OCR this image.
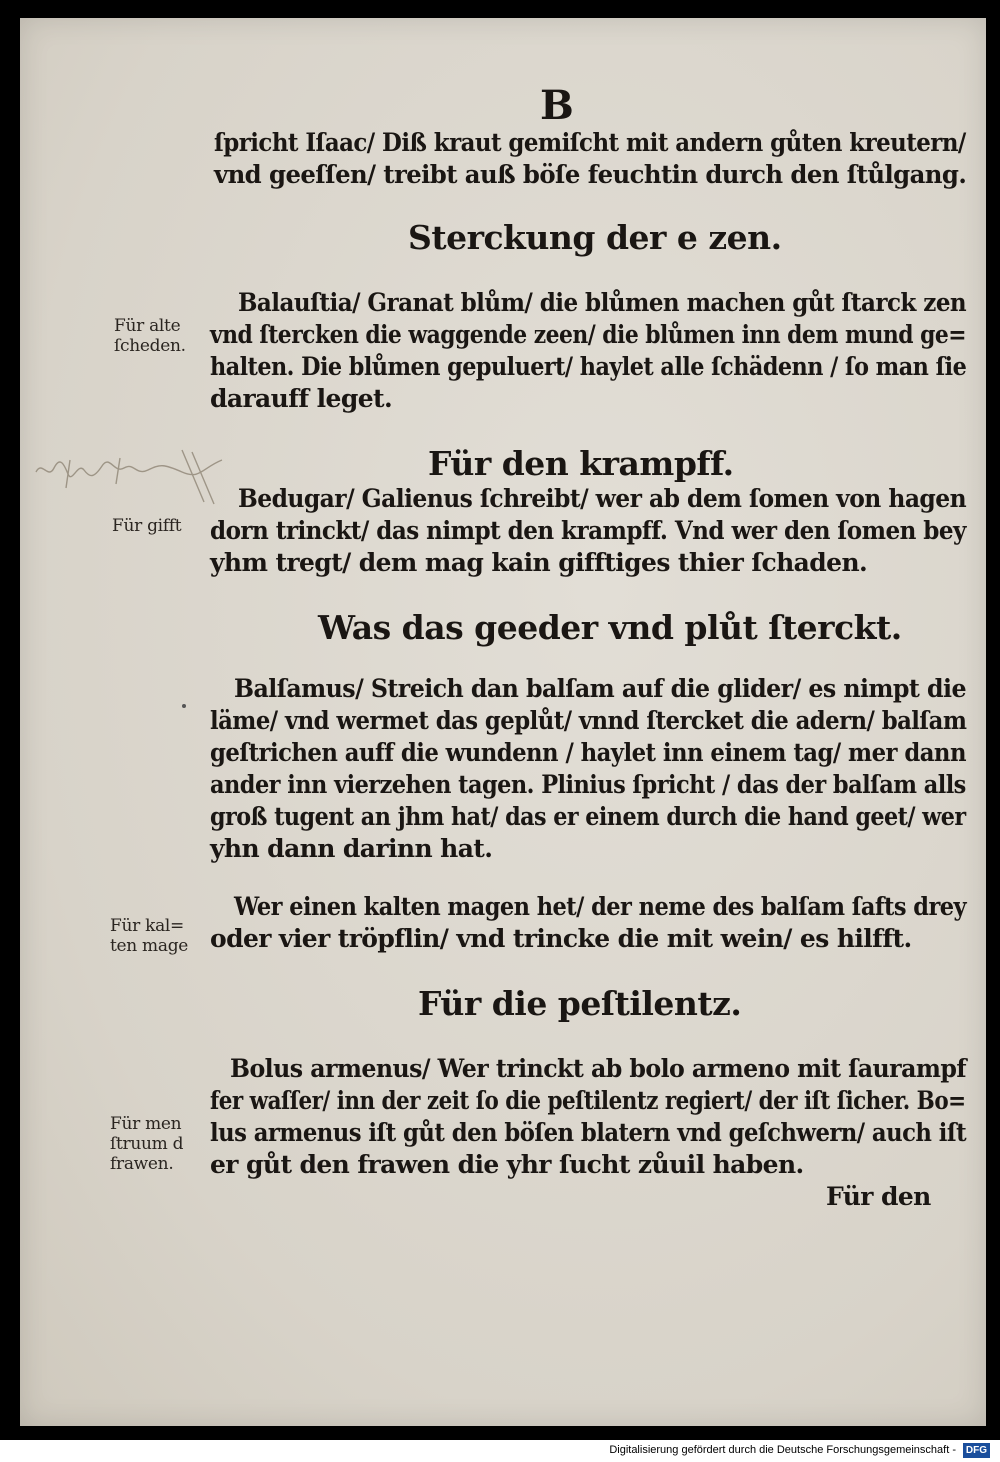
B
ſpricht Iſaac/ Diß kraut gemiſcht mit andern gůten kreutern/
vnd geeſſen/ treibt auß böſe feuchtin durch den ſtůlgang.
Sterckung der e zen.
Balauſtia/ Granat blům/ die blůmen machen gůt ſtarck zen
vnd ſtercken die waggende zeen/ die blůmen inn dem mund ge=
halten. Die blůmen gepuluert/ haylet alle ſchädenn / ſo man ſie
darauff leget.
Für den krampff.
Bedugar/ Galienus ſchreibt/ wer ab dem ſomen von hagen
dorn trinckt/ das nimpt den krampff. Vnd wer den ſomen bey
yhm tregt/ dem mag kain gifftiges thier ſchaden.
Was das geeder vnd plůt ſterckt.
Balſamus/ Streich dan balſam auf die glider/ es nimpt die
läme/ vnd wermet das geplůt/ vnnd ſtercket die adern/ balſam
geſtrichen auff die wundenn / haylet inn einem tag/ mer dann
ander inn vierzehen tagen. Plinius ſpricht / das der balſam alls
groß tugent an jhm hat/ das er einem durch die hand geet/ wer
yhn dann darinn hat.
Wer einen kalten magen het/ der neme des balſam ſafts drey
oder vier tröpflin/ vnd trincke die mit wein/ es hilfft.
Für die peſtilentz.
Bolus armenus/ Wer trinckt ab bolo armeno mit ſaurampf
fer waſſer/ inn der zeit ſo die peſtilentz regiert/ der iſt ſicher. Bo=
lus armenus iſt gůt den böſen blatern vnd geſchwern/ auch iſt
er gůt den frawen die yhr ſucht zůuil haben.
Für den
Für alte
ſcheden.
Für gifft
Für kal=
ten mage
Für men
ſtruum d
frawen.
Digitalisierung gefördert durch die Deutsche Forschungsgemeinschaft - DFG
